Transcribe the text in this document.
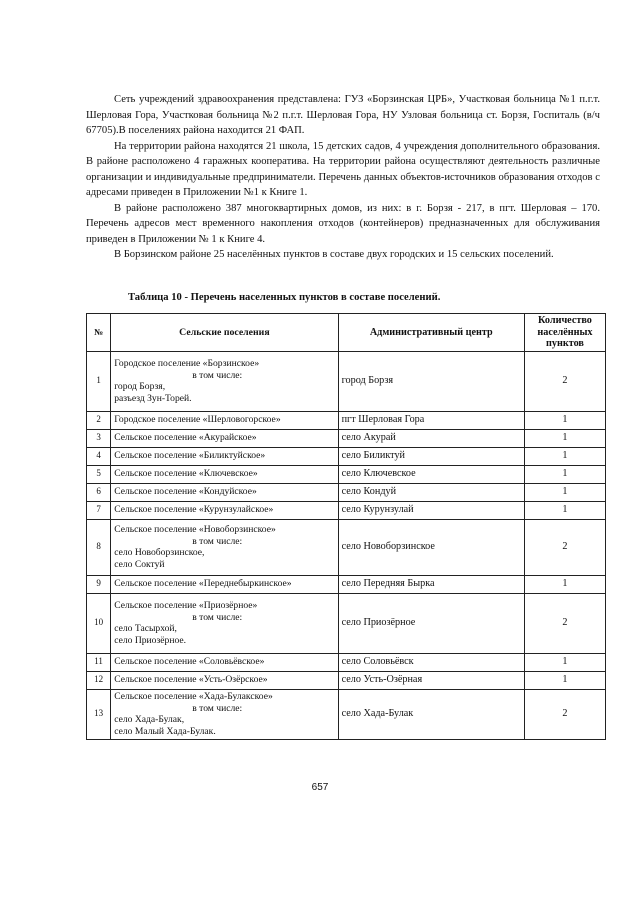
Сеть учреждений здравоохранения представлена: ГУЗ «Борзинская ЦРБ», Участковая больница №1 п.г.т. Шерловая Гора, Участковая больница №2 п.г.т. Шерловая Гора, НУ Узловая больница ст. Борзя, Госпиталь (в/ч 67705).В поселениях района находится 21 ФАП.

На территории района находятся 21 школа, 15 детских садов, 4 учреждения дополнительного образования. В районе расположено 4 гаражных кооператива. На территории района осуществляют деятельность различные организации и индивидуальные предприниматели. Перечень данных объектов-источников образования отходов с адресами приведен в Приложении №1 к Книге 1.

В районе расположено 387 многоквартирных домов, из них: в г. Борзя - 217, в пгт. Шерловая – 170. Перечень адресов мест временного накопления отходов (контейнеров) предназначенных для обслуживания приведен в Приложении № 1 к Книге 4.

В Борзинском районе 25 населённых пунктов в составе двух городских и 15 сельских поселений.

Таблица 10 - Перечень населенных пунктов в составе поселений.
№	Сельские поселения	Административный центр	Количество населённых пунктов
1	Городское поселение «Борзинское»
в том числе:
город Борзя,
разъезд Зун-Торей.	город Борзя	2
2	Городское поселение «Шерловогорское»	пгт Шерловая Гора	1
3	Сельское поселение «Акурайское»	село Акурай	1
4	Сельское поселение «Биликтуйское»	село Биликтуй	1
5	Сельское поселение «Ключевское»	село Ключевское	1
6	Сельское поселение «Кондуйское»	село Кондуй	1
7	Сельское поселение «Курунзулайское»	село Курунзулай	1
8	Сельское поселение «Новоборзинское»
в том числе:
село Новоборзинское,
село Соктуй	село Новоборзинское	2
9	Сельское поселение «Переднебыркинское»	село Передняя Бырка	1
10	Сельское поселение «Приозёрное»
в том числе:
село Тасырхой,
село Приозёрное.	село Приозёрное	2
11	Сельское поселение «Соловьёвское»	село Соловьёвск	1
12	Сельское поселение «Усть-Озёрское»	село Усть-Озёрная	1
13	Сельское поселение «Хада-Булакское»
в том числе:
село Хада-Булак,
село Малый Хада-Булак.	село Хада-Булак	2
657
